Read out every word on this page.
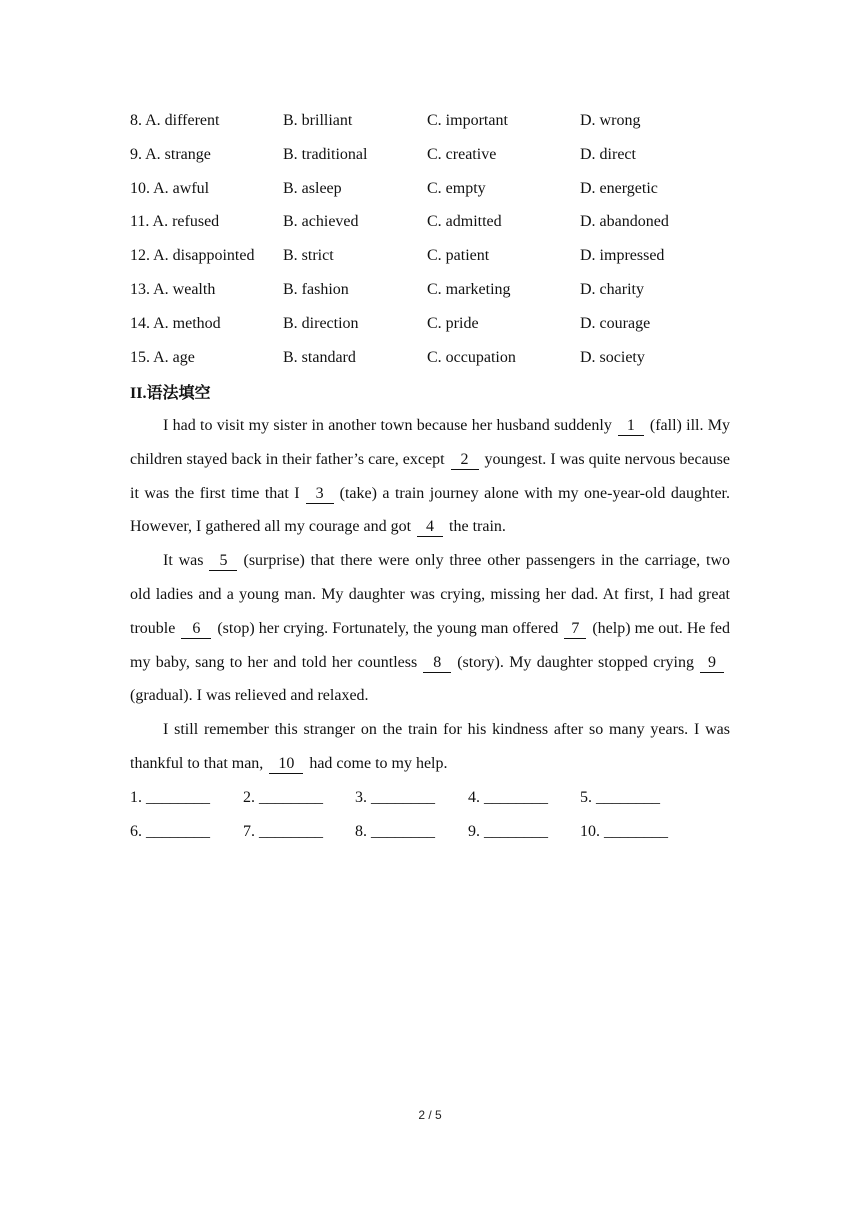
8. A. different	B. brilliant	C. important	D. wrong
9. A. strange	B. traditional	C. creative	D. direct
10. A. awful	B. asleep	C. empty	D. energetic
11. A. refused	B. achieved	C. admitted	D. abandoned
12. A. disappointed B. strict	C. patient	D. impressed
13. A. wealth	B. fashion	C. marketing	D. charity
14. A. method	B. direction	C. pride	D. courage
15. A. age	B. standard	C. occupation	D. society
II.语法填空

I had to visit my sister in another town because her husband suddenly 1 (fall) ill. My children stayed back in their father’s care, except 2 youngest. I was quite nervous because it was the first time that I 3 (take) a train journey alone with my one-year-old daughter. However, I gathered all my courage and got 4 the train.

It was 5 (surprise) that there were only three other passengers in the carriage, two old ladies and a young man. My daughter was crying, missing her dad. At first, I had great trouble 6 (stop) her crying. Fortunately, the young man offered 7 (help) me out. He fed my baby, sang to her and told her countless 8 (story). My daughter stopped crying 9(gradual). I was relieved and relaxed.

I still remember this stranger on the train for his kindness after so many years. I was thankful to that man, 10 had come to my help.

1. ________ 2. ________ 3. ________ 4. ________ 5. ________
6. ________ 7. ________ 8. ________ 9. ________ 10. ________
2 / 5
